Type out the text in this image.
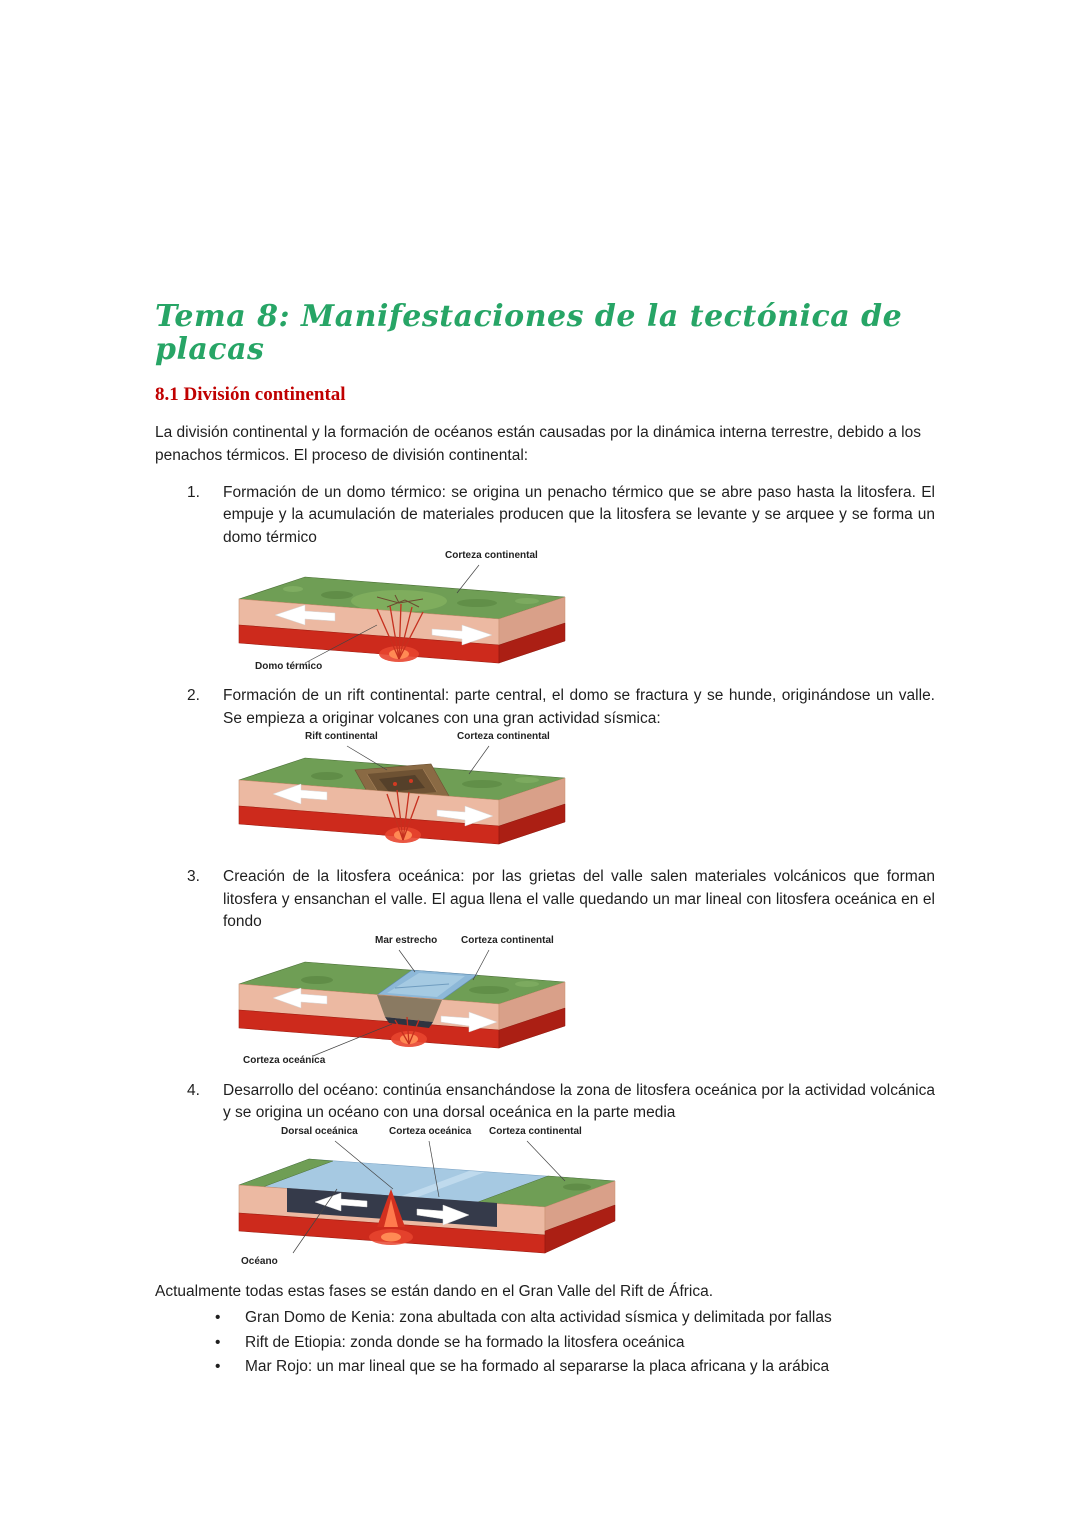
Tema 8: Manifestaciones de la tectónica de placas
8.1 División continental

La división continental y la formación de océanos están causadas por la dinámica interna terrestre, debido a los penachos térmicos. El proceso de división continental:

1.	Formación de un domo térmico: se origina un penacho térmico que se abre paso hasta la litosfera. El empuje y la acumulación de materiales producen que la litosfera se levante y se arquee y se forma un domo térmico
Corteza continental
Domo térmico
2.	Formación de un rift continental: parte central, el domo se fractura y se hunde, originándose un valle. Se empieza a originar volcanes con una gran actividad sísmica:
Rift continental	Corteza continental
3.	Creación de la litosfera oceánica: por las grietas del valle salen materiales volcánicos que forman litosfera y ensanchan el valle. El agua llena el valle quedando un mar lineal con litosfera oceánica en el fondo
Mar estrecho Corteza continental
Corteza oceánica
4.	Desarrollo del océano: continúa ensanchándose la zona de litosfera oceánica por la actividad volcánica y se origina un océano con una dorsal oceánica en la parte media
Dorsal oceánica	Corteza oceánica Corteza continental
Océano

Actualmente todas estas fases se están dando en el Gran Valle del Rift de África.

•	Gran Domo de Kenia: zona abultada con alta actividad sísmica y delimitada por fallas
•	Rift de Etiopia: zonda donde se ha formado la litosfera oceánica
•	Mar Rojo: un mar lineal que se ha formado al separarse la placa africana y la arábica
